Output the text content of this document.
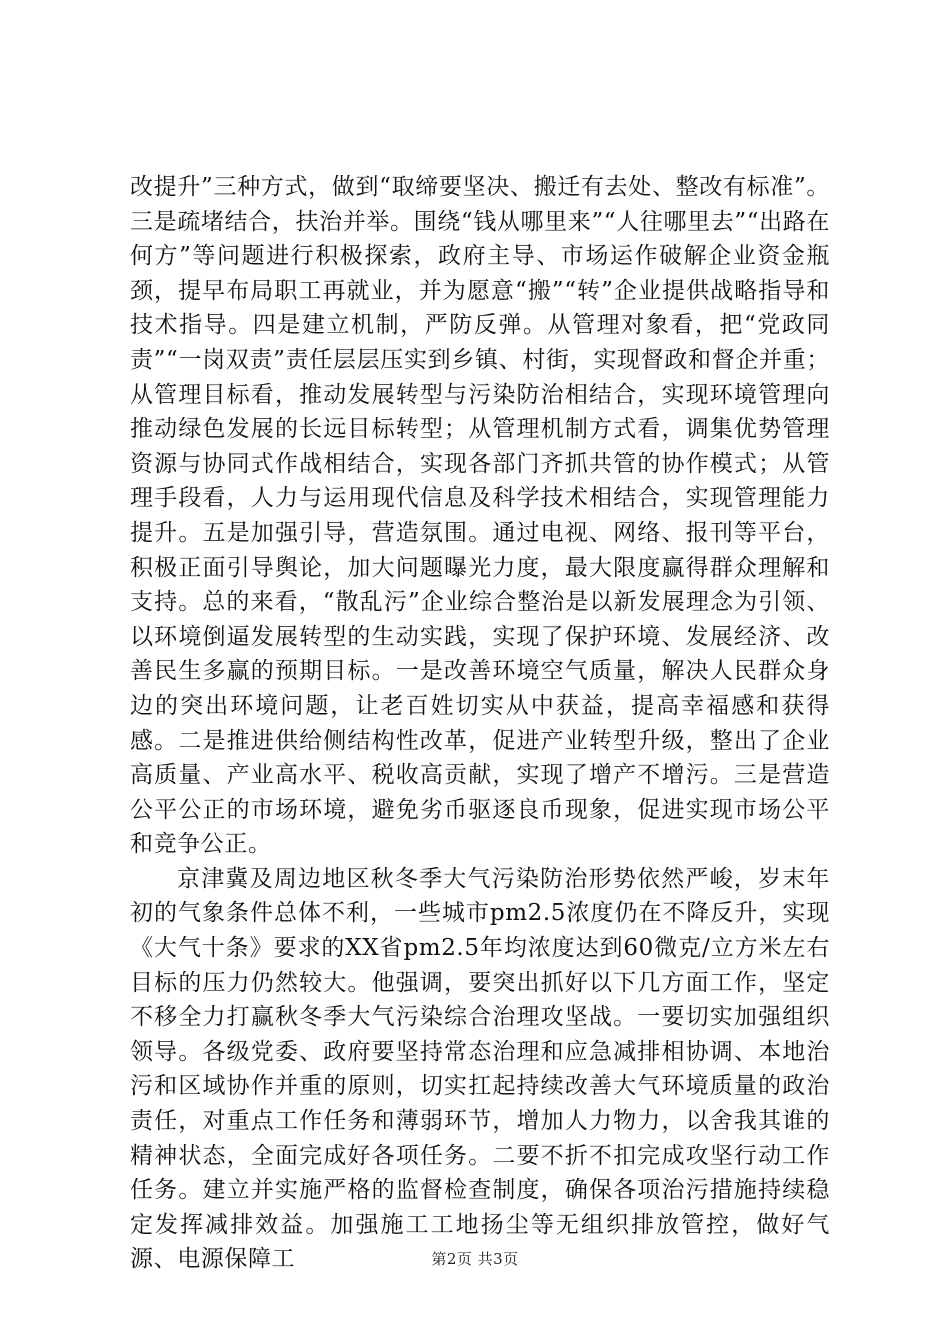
改提升”三种方式，做到“取缔要坚决、搬迁有去处、整改有标准”。三是疏堵结合，扶治并举。围绕“钱从哪里来”“人往哪里去”“出路在何方”等问题进行积极探索，政府主导、市场运作破解企业资金瓶颈，提早布局职工再就业，并为愿意“搬”“转”企业提供战略指导和技术指导。四是建立机制，严防反弹。从管理对象看，把“党政同责”“一岗双责”责任层层压实到乡镇、村街，实现督政和督企并重；从管理目标看，推动发展转型与污染防治相结合，实现环境管理向推动绿色发展的长远目标转型；从管理机制方式看，调集优势管理资源与协同式作战相结合，实现各部门齐抓共管的协作模式；从管理手段看，人力与运用现代信息及科学技术相结合，实现管理能力提升。五是加强引导，营造氛围。通过电视、网络、报刊等平台，积极正面引导舆论，加大问题曝光力度，最大限度赢得群众理解和支持。总的来看，“散乱污”企业综合整治是以新发展理念为引领、以环境倒逼发展转型的生动实践，实现了保护环境、发展经济、改善民生多赢的预期目标。一是改善环境空气质量，解决人民群众身边的突出环境问题，让老百姓切实从中获益，提高幸福感和获得感。二是推进供给侧结构性改革，促进产业转型升级，整出了企业高质量、产业高水平、税收高贡献，实现了增产不增污。三是营造公平公正的市场环境，避免劣币驱逐良币现象，促进实现市场公平和竞争公正。

京津冀及周边地区秋冬季大气污染防治形势依然严峻，岁末年初的气象条件总体不利，一些城市pm2.5浓度仍在不降反升，实现《大气十条》要求的XX省pm2.5年均浓度达到60微克/立方米左右目标的压力仍然较大。他强调，要突出抓好以下几方面工作，坚定不移全力打赢秋冬季大气污染综合治理攻坚战。一要切实加强组织领导。各级党委、政府要坚持常态治理和应急减排相协调、本地治污和区域协作并重的原则，切实扛起持续改善大气环境质量的政治责任，对重点工作任务和薄弱环节，增加人力物力，以舍我其谁的精神状态，全面完成好各项任务。二要不折不扣完成攻坚行动工作任务。建立并实施严格的监督检查制度，确保各项治污措施持续稳定发挥减排效益。加强施工工地扬尘等无组织排放管控，做好气源、电源保障工	第2页 共3页
